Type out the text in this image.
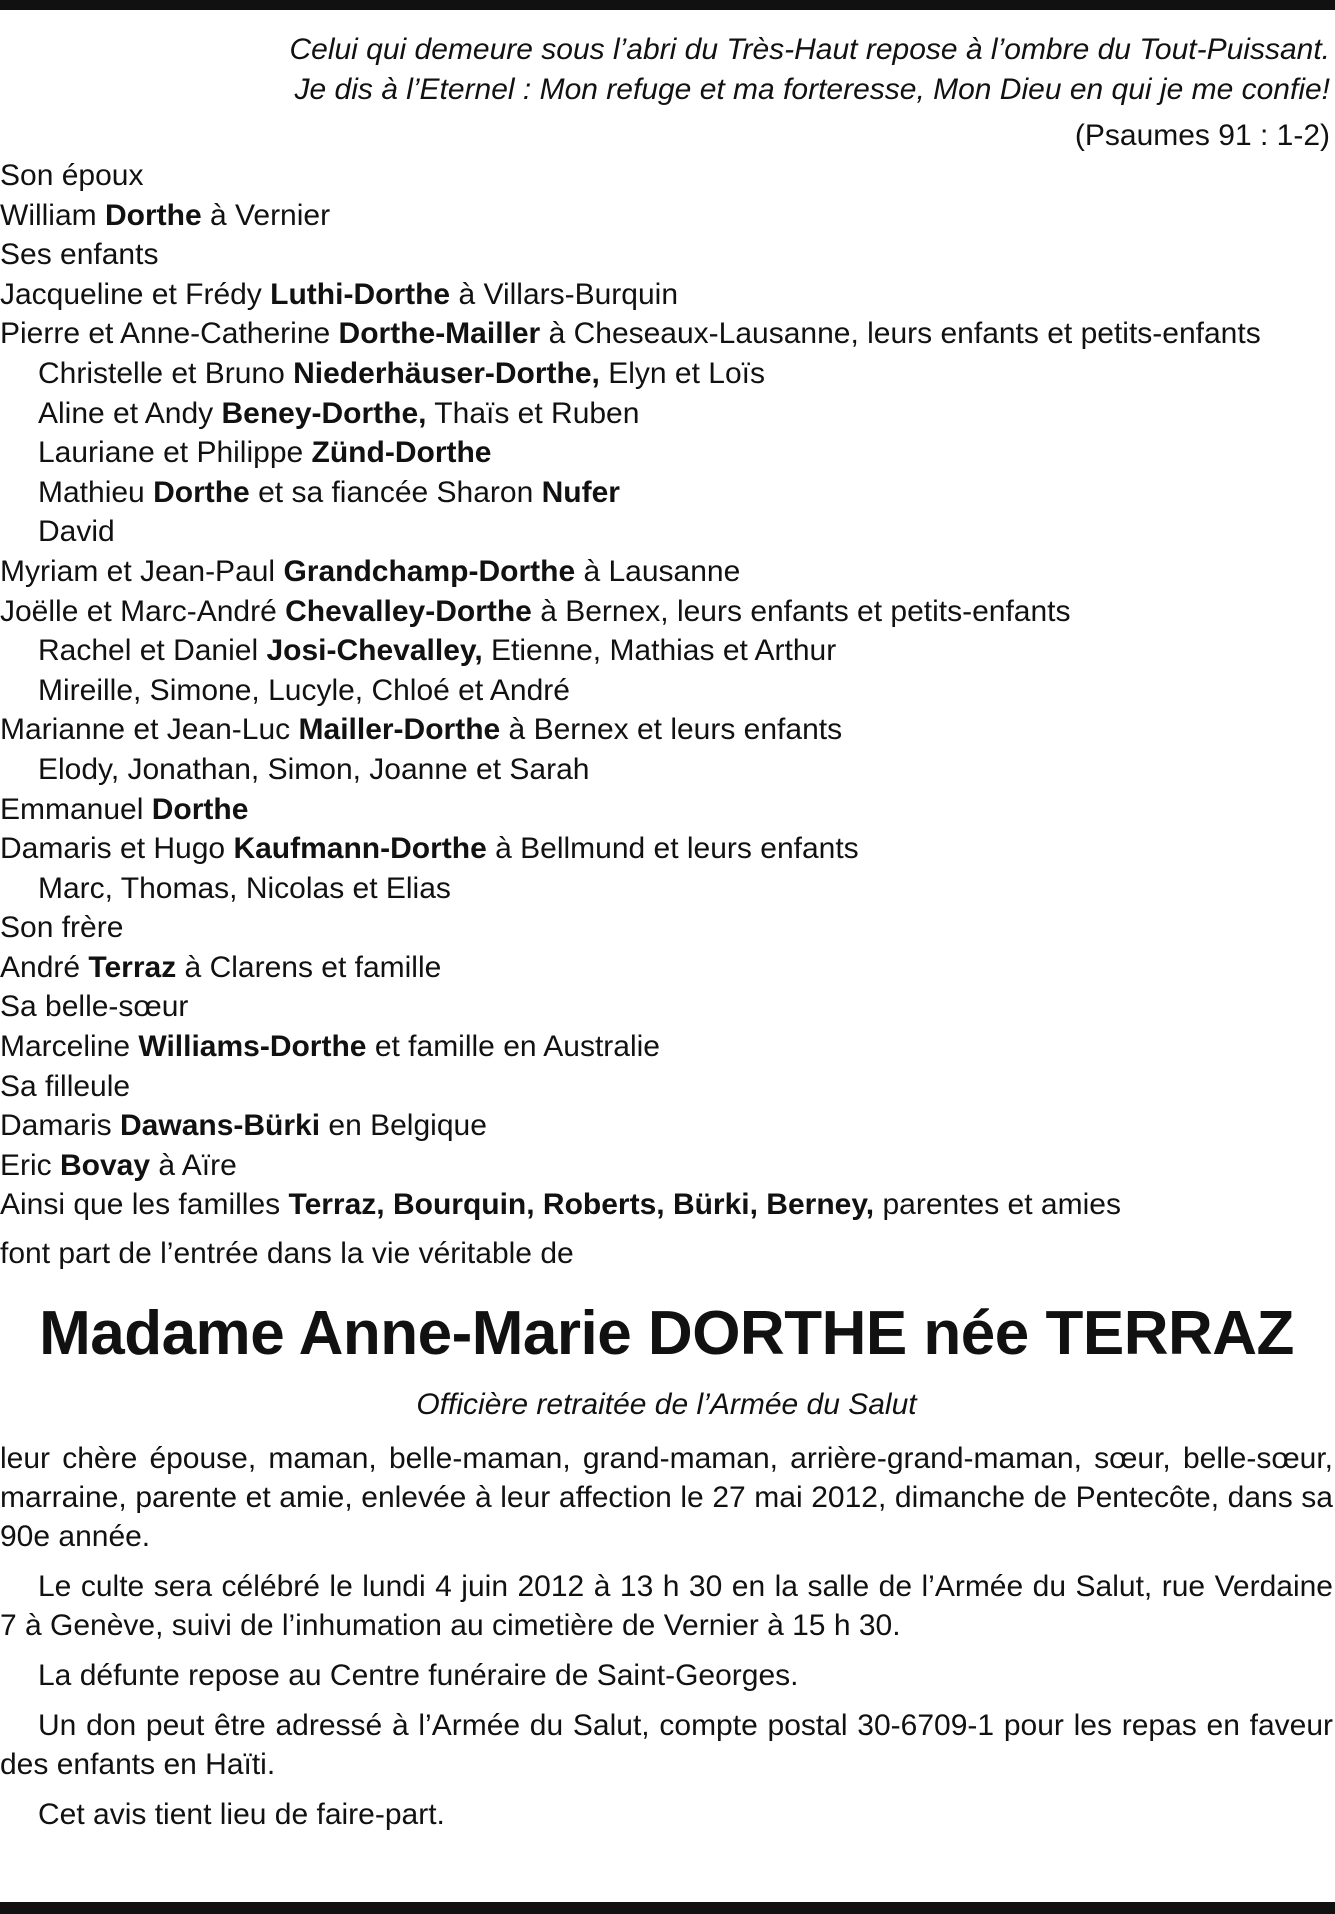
Celui qui demeure sous l’abri du Très-Haut repose à l’ombre du Tout-Puissant.
Je dis à l’Eternel : Mon refuge et ma forteresse, Mon Dieu en qui je me confie!
(Psaumes 91 : 1-2)
Son époux
William Dorthe à Vernier
Ses enfants
Jacqueline et Frédy Luthi-Dorthe à Villars-Burquin
Pierre et Anne-Catherine Dorthe-Mailler à Cheseaux-Lausanne, leurs enfants et petits-enfants
Christelle et Bruno Niederhäuser-Dorthe, Elyn et Loïs
Aline et Andy Beney-Dorthe, Thaïs et Ruben
Lauriane et Philippe Zünd-Dorthe
Mathieu Dorthe et sa fiancée Sharon Nufer
David
Myriam et Jean-Paul Grandchamp-Dorthe à Lausanne
Joëlle et Marc-André Chevalley-Dorthe à Bernex, leurs enfants et petits-enfants
Rachel et Daniel Josi-Chevalley, Etienne, Mathias et Arthur
Mireille, Simone, Lucyle, Chloé et André
Marianne et Jean-Luc Mailler-Dorthe à Bernex et leurs enfants
Elody, Jonathan, Simon, Joanne et Sarah
Emmanuel Dorthe
Damaris et Hugo Kaufmann-Dorthe à Bellmund et leurs enfants
Marc, Thomas, Nicolas et Elias
Son frère
André Terraz à Clarens et famille
Sa belle-sœur
Marceline Williams-Dorthe et famille en Australie
Sa filleule
Damaris Dawans-Bürki en Belgique
Eric Bovay à Aïre
Ainsi que les familles Terraz, Bourquin, Roberts, Bürki, Berney, parentes et amies
font part de l’entrée dans la vie véritable de
Madame Anne-Marie DORTHE née TERRAZ
Officière retraitée de l’Armée du Salut
leur chère épouse, maman, belle-maman, grand-maman, arrière-grand-maman, sœur, belle-sœur, marraine, parente et amie, enlevée à leur affection le 27 mai 2012, dimanche de Pentecôte, dans sa 90e année.
Le culte sera célébré le lundi 4 juin 2012 à 13 h 30 en la salle de l’Armée du Salut, rue Verdaine 7 à Genève, suivi de l’inhumation au cimetière de Vernier à 15 h 30.
La défunte repose au Centre funéraire de Saint-Georges.
Un don peut être adressé à l’Armée du Salut, compte postal 30-6709-1 pour les repas en faveur des enfants en Haïti.
Cet avis tient lieu de faire-part.
